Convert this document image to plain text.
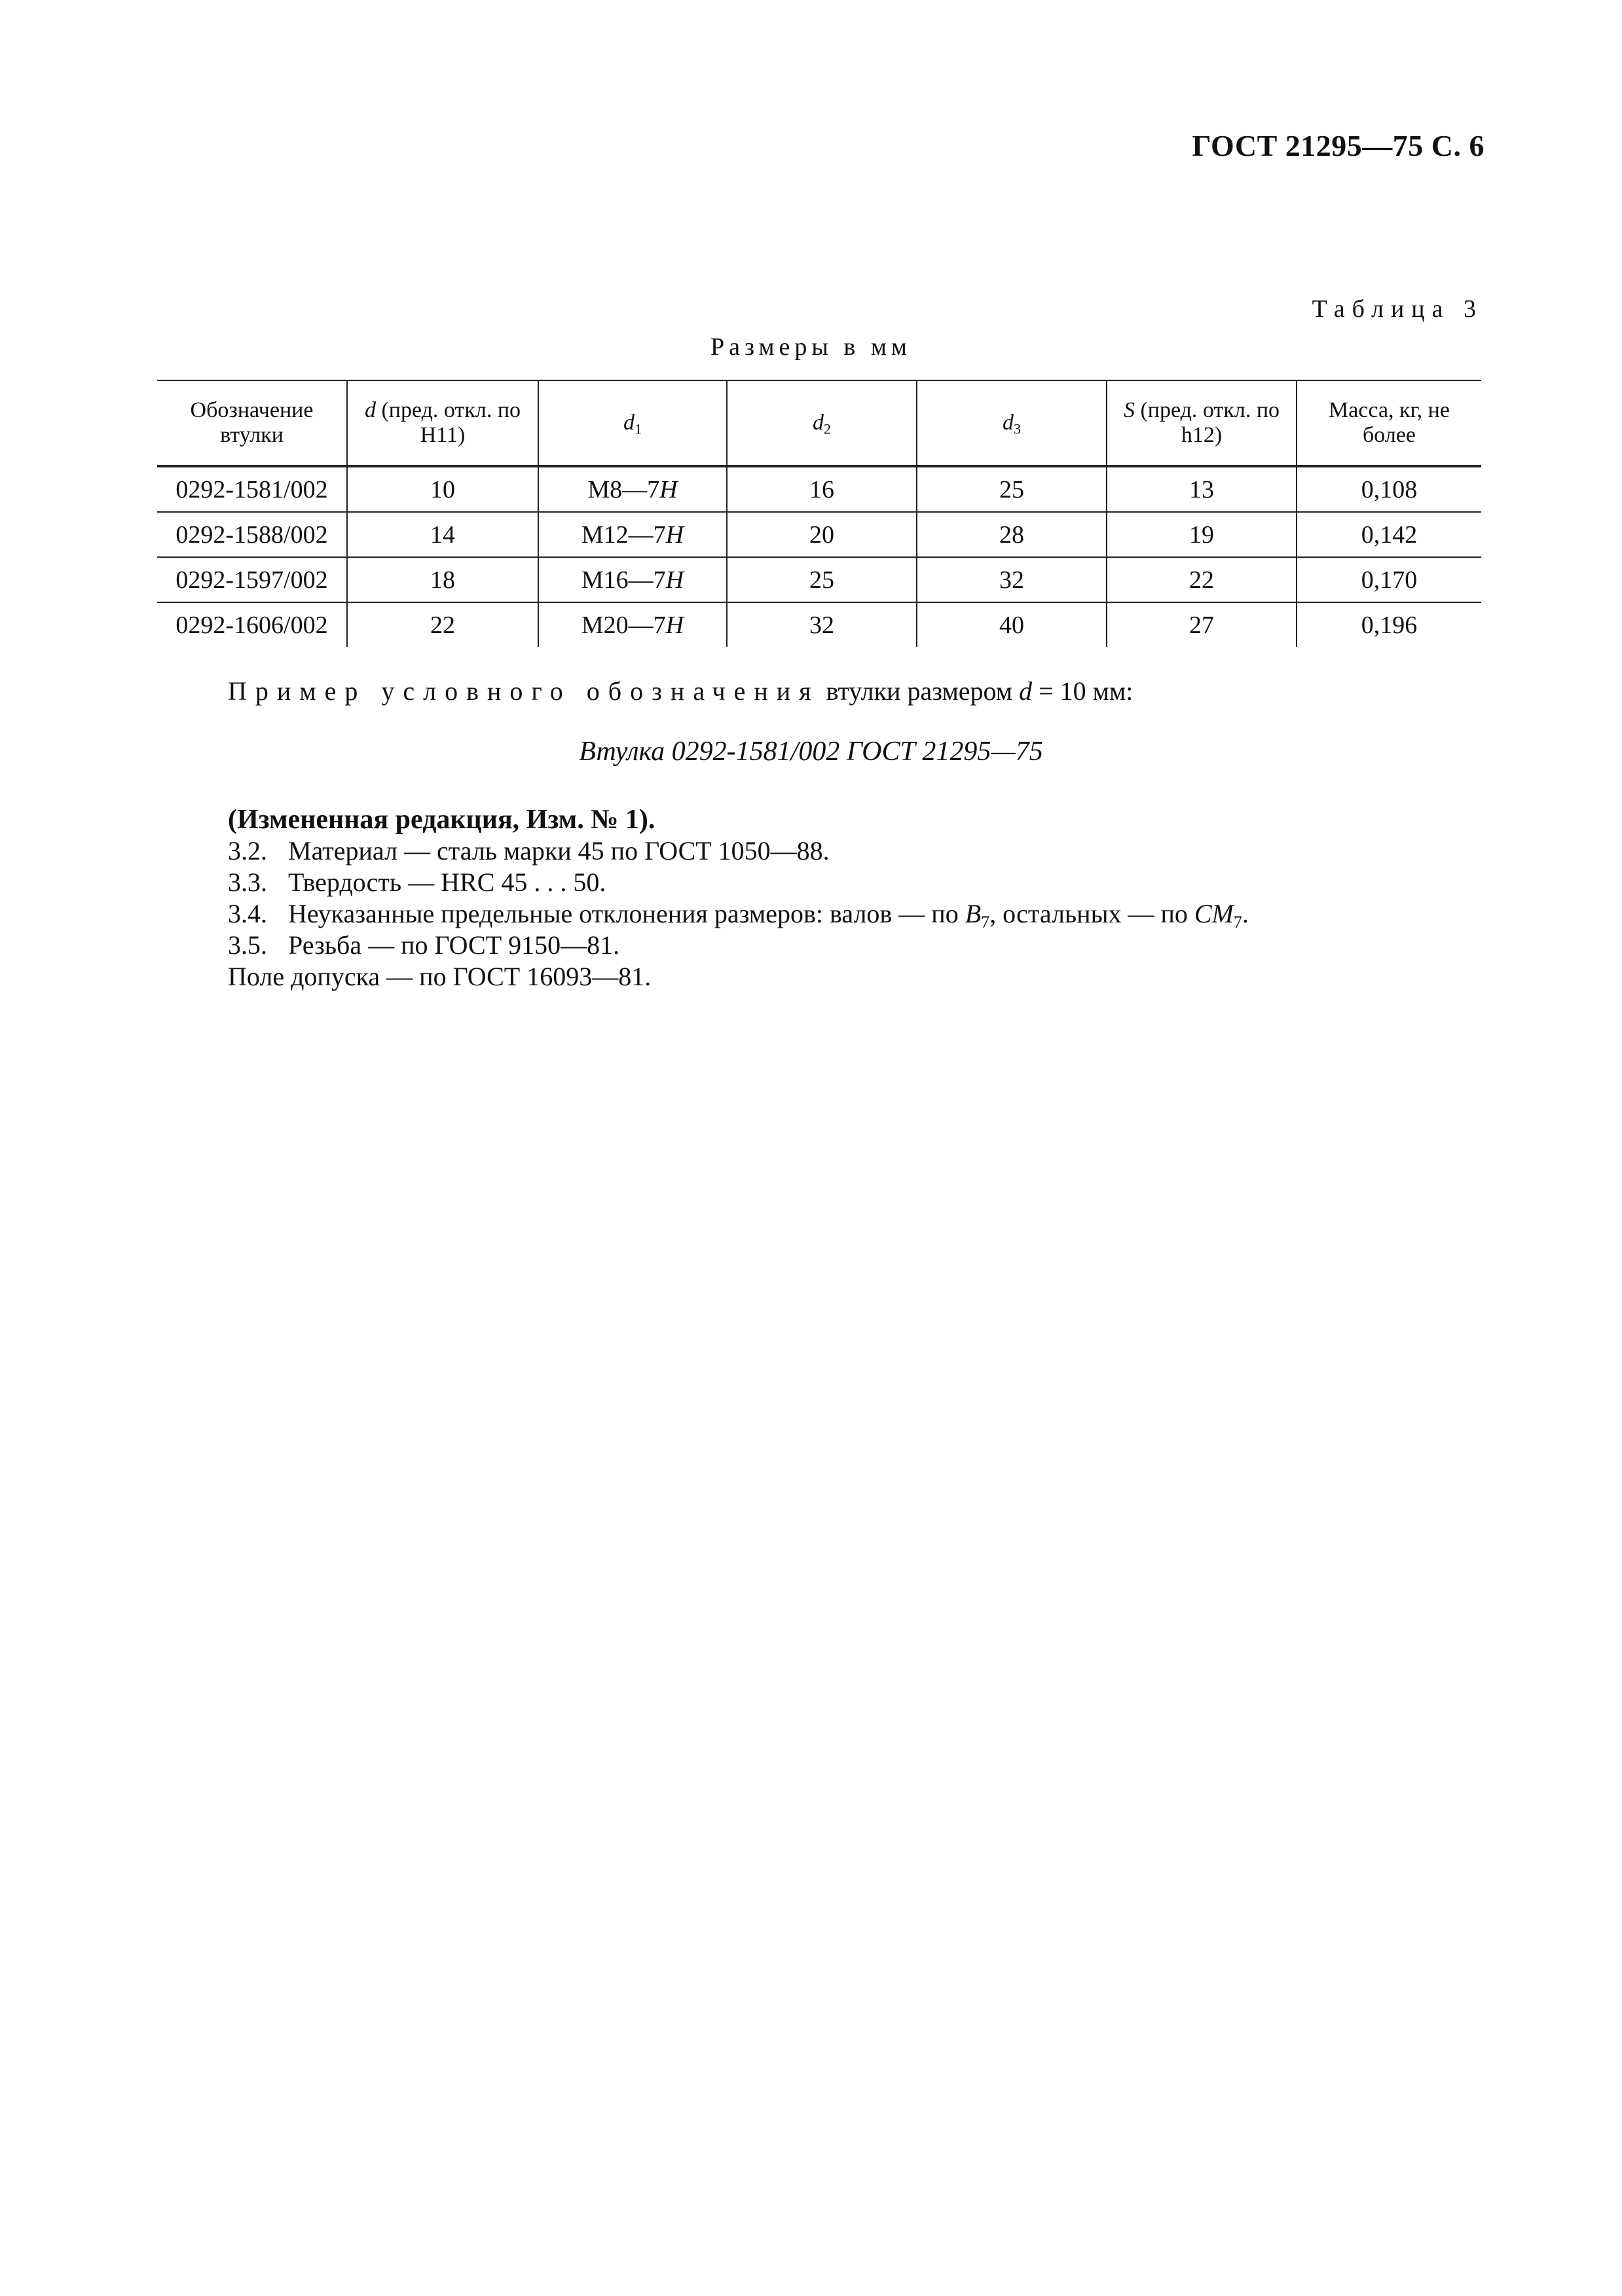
ГОСТ 21295—75 С. 6
Таблица 3
Размеры в мм
Обозначение втулки	d (пред. откл. по Н11)	$d_1$	$d_2$	$d_3$	S (пред. откл. по h12)	Масса, кг, не более
0292-1581/002	10	М8—7H	16	25	13	0,108
0292-1588/002	14	М12—7H	20	28	19	0,142
0292-1597/002	18	М16—7H	25	32	22	0,170
0292-1606/002	22	М20—7H	32	40	27	0,196
Пример условного обозначения втулки размером d = 10 мм:
Втулка 0292-1581/002 ГОСТ 21295—75
(Измененная редакция, Изм. № 1).
3.2. Материал — сталь марки 45 по ГОСТ 1050—88.
3.3. Твердость — HRC 45 . . . 50.
3.4. Неуказанные предельные отклонения размеров: валов — по $B_7$, остальных — по $CM_7$.
3.5. Резьба — по ГОСТ 9150—81.
Поле допуска — по ГОСТ 16093—81.
